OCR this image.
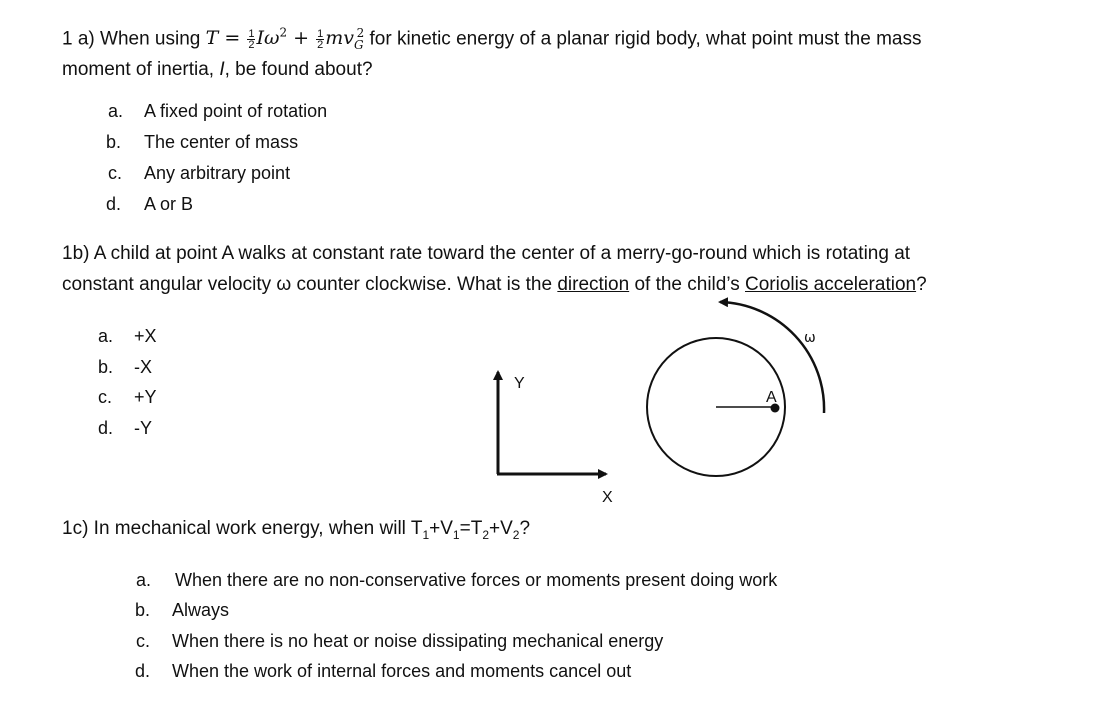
1 a) When using $T = \frac{1}{2} I\omega^2 + \frac{1}{2} mv_G^2$ for kinetic energy of a planar rigid body, what point must the mass
moment of inertia, I, be found about?
a. A fixed point of rotation
b. The center of mass
c. Any arbitrary point
d. A or B
1b) A child at point A walks at constant rate toward the center of a merry-go-round which is rotating at
constant angular velocity ω counter clockwise. What is the direction of the child’s Coriolis acceleration?
a. +X
b. -X
c. +Y
d. -Y
Y
X
A
ω
1c) In mechanical work energy, when will $T_1+V_1=T_2+V_2$?
a. When there are no non-conservative forces or moments present doing work
b. Always
c. When there is no heat or noise dissipating mechanical energy
d. When the work of internal forces and moments cancel out
